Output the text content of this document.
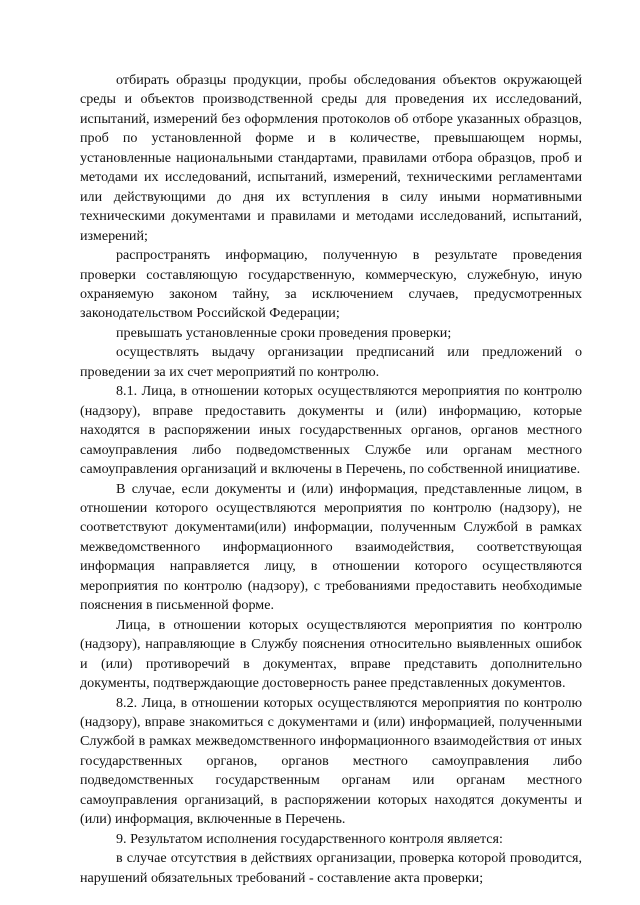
отбирать образцы продукции, пробы обследования объектов окружающей среды и объектов производственной среды для проведения их исследований, испытаний, измерений без оформления протоколов об отборе указанных образцов, проб по установленной форме и в количестве, превышающем нормы, установленные национальными стандартами, правилами отбора образцов, проб и методами их исследований, испытаний, измерений, техническими регламентами или действующими до дня их вступления в силу иными нормативными техническими документами и правилами и методами исследований, испытаний, измерений;

распространять информацию, полученную в результате проведения проверки составляющую государственную, коммерческую, служебную, иную охраняемую законом тайну, за исключением случаев, предусмотренных законодательством Российской Федерации;

превышать установленные сроки проведения проверки;

осуществлять выдачу организации предписаний или предложений о проведении за их счет мероприятий по контролю.

8.1. Лица, в отношении которых осуществляются мероприятия по контролю (надзору), вправе предоставить документы и (или) информацию, которые находятся в распоряжении иных государственных органов, органов местного самоуправления либо подведомственных Службе или органам местного самоуправления организаций и включены в Перечень, по собственной инициативе.

В случае, если документы и (или) информация, представленные лицом, в отношении которого осуществляются мероприятия по контролю (надзору), не соответствуют документами(или) информации, полученным Службой в рамках межведомственного информационного взаимодействия, соответствующая информация направляется лицу, в отношении которого осуществляются мероприятия по контролю (надзору), с требованиями предоставить необходимые пояснения в письменной форме.

Лица, в отношении которых осуществляются мероприятия по контролю (надзору), направляющие в Службу пояснения относительно выявленных ошибок и (или) противоречий в документах, вправе представить дополнительно документы, подтверждающие достоверность ранее представленных документов.

8.2. Лица, в отношении которых осуществляются мероприятия по контролю (надзору), вправе знакомиться с документами и (или) информацией, полученными Службой в рамках межведомственного информационного взаимодействия от иных государственных органов, органов местного самоуправления либо подведомственных государственным органам или органам местного самоуправления организаций, в распоряжении которых находятся документы и (или) информация, включенные в Перечень.

9. Результатом исполнения государственного контроля является:

в случае отсутствия в действиях организации, проверка которой проводится, нарушений обязательных требований - составление акта проверки;
